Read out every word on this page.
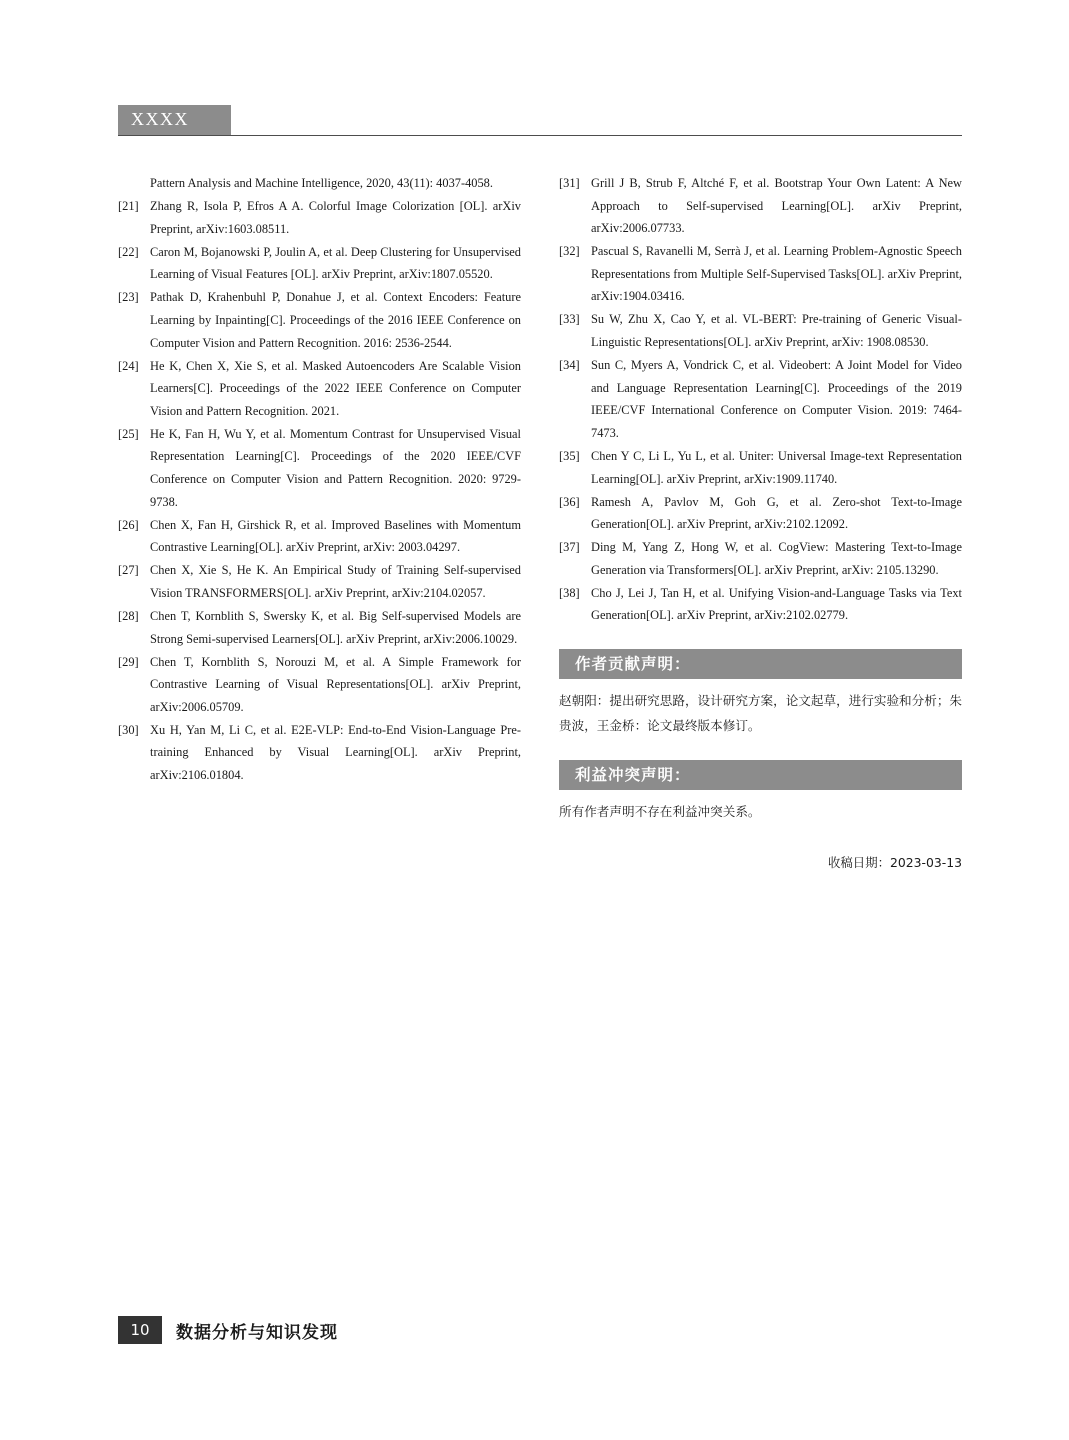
XXXX
Pattern Analysis and Machine Intelligence, 2020, 43(11): 4037-4058.
[21] Zhang R, Isola P, Efros A A. Colorful Image Colorization [OL]. arXiv Preprint, arXiv:1603.08511.
[22] Caron M, Bojanowski P, Joulin A, et al. Deep Clustering for Unsupervised Learning of Visual Features [OL]. arXiv Preprint, arXiv:1807.05520.
[23] Pathak D, Krahenbuhl P, Donahue J, et al. Context Encoders: Feature Learning by Inpainting[C]. Proceedings of the 2016 IEEE Conference on Computer Vision and Pattern Recognition. 2016: 2536-2544.
[24] He K, Chen X, Xie S, et al. Masked Autoencoders Are Scalable Vision Learners[C]. Proceedings of the 2022 IEEE Conference on Computer Vision and Pattern Recognition. 2021.
[25] He K, Fan H, Wu Y, et al. Momentum Contrast for Unsupervised Visual Representation Learning[C]. Proceedings of the 2020 IEEE/CVF Conference on Computer Vision and Pattern Recognition. 2020: 9729-9738.
[26] Chen X, Fan H, Girshick R, et al. Improved Baselines with Momentum Contrastive Learning[OL]. arXiv Preprint, arXiv: 2003.04297.
[27] Chen X, Xie S, He K. An Empirical Study of Training Self-supervised Vision TRANSFORMERS[OL]. arXiv Preprint, arXiv:2104.02057.
[28] Chen T, Kornblith S, Swersky K, et al. Big Self-supervised Models are Strong Semi-supervised Learners[OL]. arXiv Preprint, arXiv:2006.10029.
[29] Chen T, Kornblith S, Norouzi M, et al. A Simple Framework for Contrastive Learning of Visual Representations[OL]. arXiv Preprint, arXiv:2006.05709.
[30] Xu H, Yan M, Li C, et al. E2E-VLP: End-to-End Vision-Language Pre-training Enhanced by Visual Learning[OL]. arXiv Preprint, arXiv:2106.01804.
[31] Grill J B, Strub F, Altché F, et al. Bootstrap Your Own Latent: A New Approach to Self-supervised Learning[OL]. arXiv Preprint, arXiv:2006.07733.
[32] Pascual S, Ravanelli M, Serrà J, et al. Learning Problem-Agnostic Speech Representations from Multiple Self-Supervised Tasks[OL]. arXiv Preprint, arXiv:1904.03416.
[33] Su W, Zhu X, Cao Y, et al. VL-BERT: Pre-training of Generic Visual-Linguistic Representations[OL]. arXiv Preprint, arXiv: 1908.08530.
[34] Sun C, Myers A, Vondrick C, et al. Videobert: A Joint Model for Video and Language Representation Learning[C]. Proceedings of the 2019 IEEE/CVF International Conference on Computer Vision. 2019: 7464-7473.
[35] Chen Y C, Li L, Yu L, et al. Uniter: Universal Image-text Representation Learning[OL]. arXiv Preprint, arXiv:1909.11740.
[36] Ramesh A, Pavlov M, Goh G, et al. Zero-shot Text-to-Image Generation[OL]. arXiv Preprint, arXiv:2102.12092.
[37] Ding M, Yang Z, Hong W, et al. CogView: Mastering Text-to-Image Generation via Transformers[OL]. arXiv Preprint, arXiv: 2105.13290.
[38] Cho J, Lei J, Tan H, et al. Unifying Vision-and-Language Tasks via Text Generation[OL]. arXiv Preprint, arXiv:2102.02779.
作者贡献声明：
赵朝阳：提出研究思路，设计研究方案，论文起草，进行实验和分析；朱贵波，王金桥：论文最终版本修订。
利益冲突声明：
所有作者声明不存在利益冲突关系。
收稿日期：2023-03-13
10	数据分析与知识发现
